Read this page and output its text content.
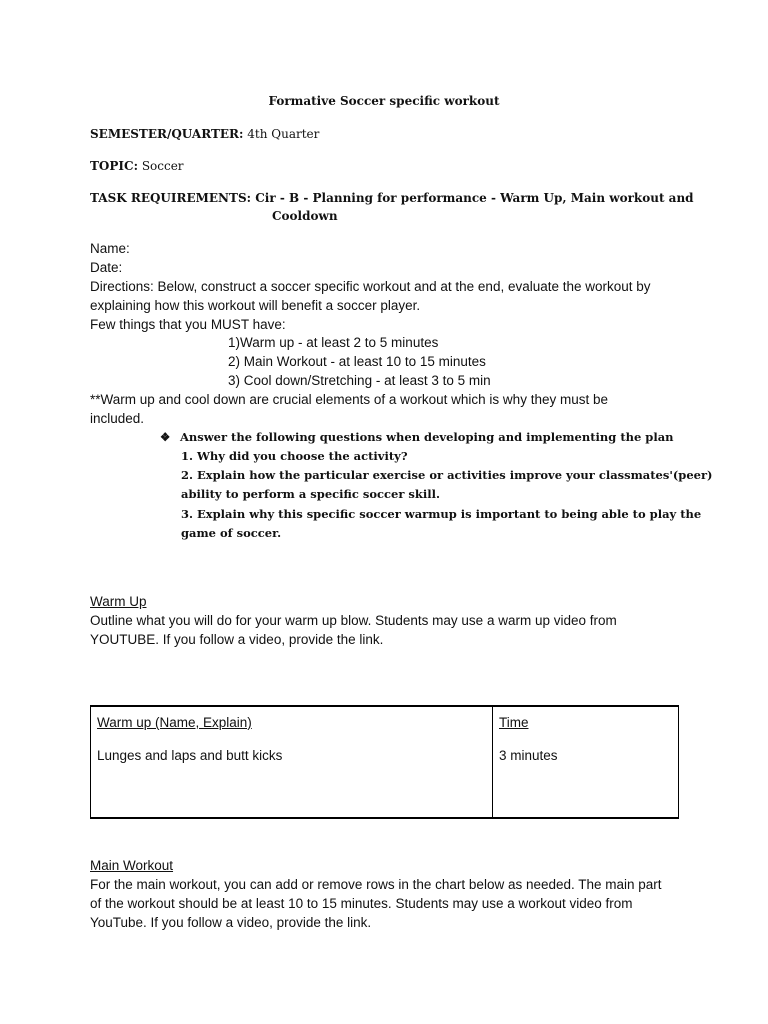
Formative Soccer specific workout
SEMESTER/QUARTER: 4th Quarter
TOPIC: Soccer
TASK REQUIREMENTS: Cir - B - Planning for performance - Warm Up, Main workout and
Cooldown
Name:
Date:
Directions: Below, construct a soccer specific workout and at the end, evaluate the workout by
explaining how this workout will benefit a soccer player.
Few things that you MUST have:
1)Warm up - at least 2 to 5 minutes
2) Main Workout - at least 10 to 15 minutes
3) Cool down/Stretching - at least 3 to 5 min
**Warm up and cool down are crucial elements of a workout which is why they must be
included.
❖ Answer the following questions when developing and implementing the plan
1. Why did you choose the activity?
2. Explain how the particular exercise or activities improve your classmates'(peer)
ability to perform a specific soccer skill.
3. Explain why this specific soccer warmup is important to being able to play the
game of soccer.
Warm Up
Outline what you will do for your warm up blow. Students may use a warm up video from
YOUTUBE. If you follow a video, provide the link.
Warm up (Name, Explain)	Time
Lunges and laps and butt kicks	3 minutes
Main Workout
For the main workout, you can add or remove rows in the chart below as needed. The main part
of the workout should be at least 10 to 15 minutes. Students may use a workout video from
YouTube. If you follow a video, provide the link.
